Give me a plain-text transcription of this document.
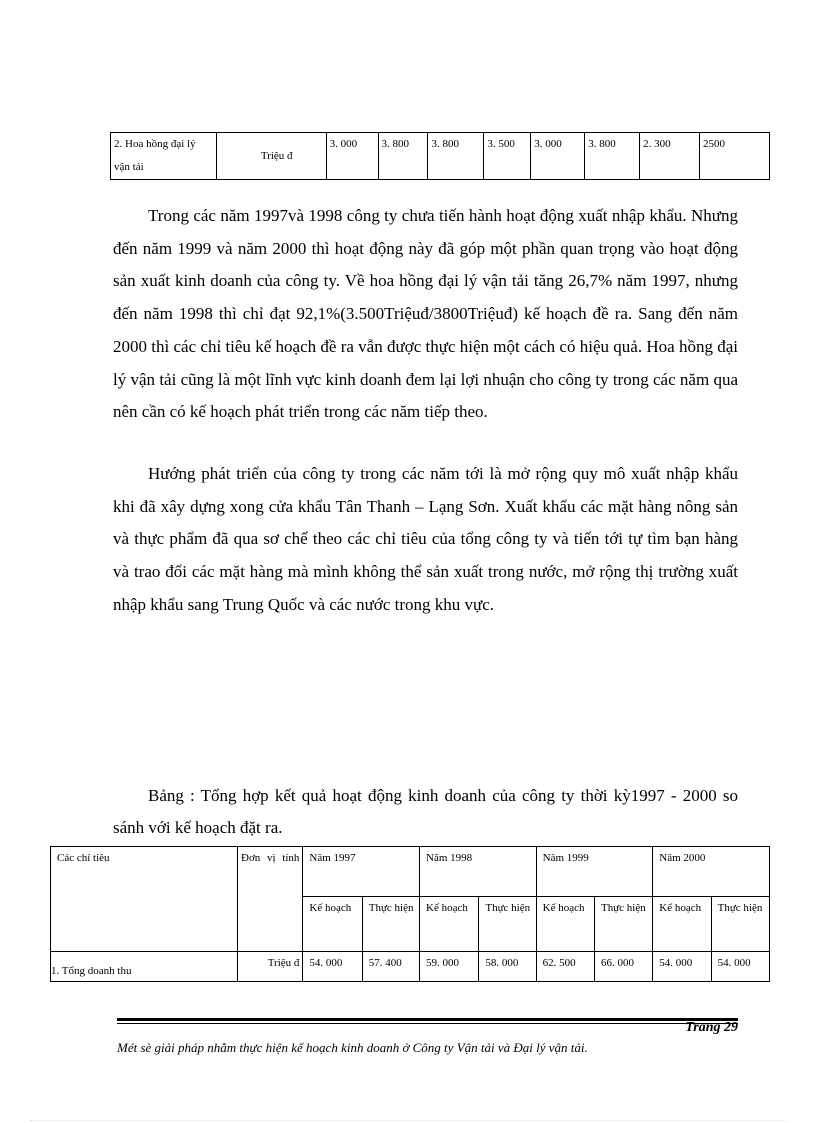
2. Hoa hồng đại lý vận tải	Triệu đ	3. 000	3. 800	3. 800	3. 500	3. 000	3. 800	2. 300	2500

Trong các năm 1997và 1998 công ty chưa tiến hành hoạt động xuất nhập khẩu. Nhưng đến năm 1999 và năm 2000 thì hoạt động này đã góp một phần quan trọng vào hoạt động sản xuất kinh doanh của công ty. Về hoa hồng đại lý vận tải tăng 26,7% năm 1997, nhưng đến năm 1998 thì chỉ đạt 92,1%(3.500Triệuđ/3800Triệuđ) kế hoạch đề ra. Sang đến năm 2000 thì các chỉ tiêu kế hoạch đề ra vẫn được thực hiện một cách có hiệu quả. Hoa hồng đại lý vận tải cũng là một lĩnh vực kinh doanh đem lại lợi nhuận cho công ty trong các năm qua nên cần có kế hoạch phát triển trong các năm tiếp theo.

Hướng phát triển của công ty trong các năm tới là mở rộng quy mô xuất nhập khẩu khi đã xây dựng xong cửa khẩu Tân Thanh – Lạng Sơn. Xuất khẩu các mặt hàng nông sản và thực phẩm đã qua sơ chế theo các chỉ tiêu của tổng công ty và tiến tới tự tìm bạn hàng và trao đổi các mặt hàng mà mình không thể sản xuất trong nước, mở rộng thị trường xuất nhập khẩu sang Trung Quốc và các nước trong khu vực.

Bảng : Tổng hợp kết quả hoạt động kinh doanh của công ty thời kỳ1997 - 2000 so sánh với kế hoạch đặt ra.

Các chỉ tiêu	Đơn vị tính	Năm 1997		Năm 1998		Năm 1999		Năm 2000	
		Kế hoạch	Thực hiện	Kế hoạch	Thực hiện	Kế hoạch	Thực hiện	Kế hoạch	Thực hiện
1. Tổng doanh thu	Triệu đ	54. 000	57. 400	59. 000	58. 000	62. 500	66. 000	54. 000	54. 000
Trang 29
Mét sè giải pháp nhằm thực hiện kế hoạch kinh doanh ở Công ty Vận tải và Đại lý vận tải.
